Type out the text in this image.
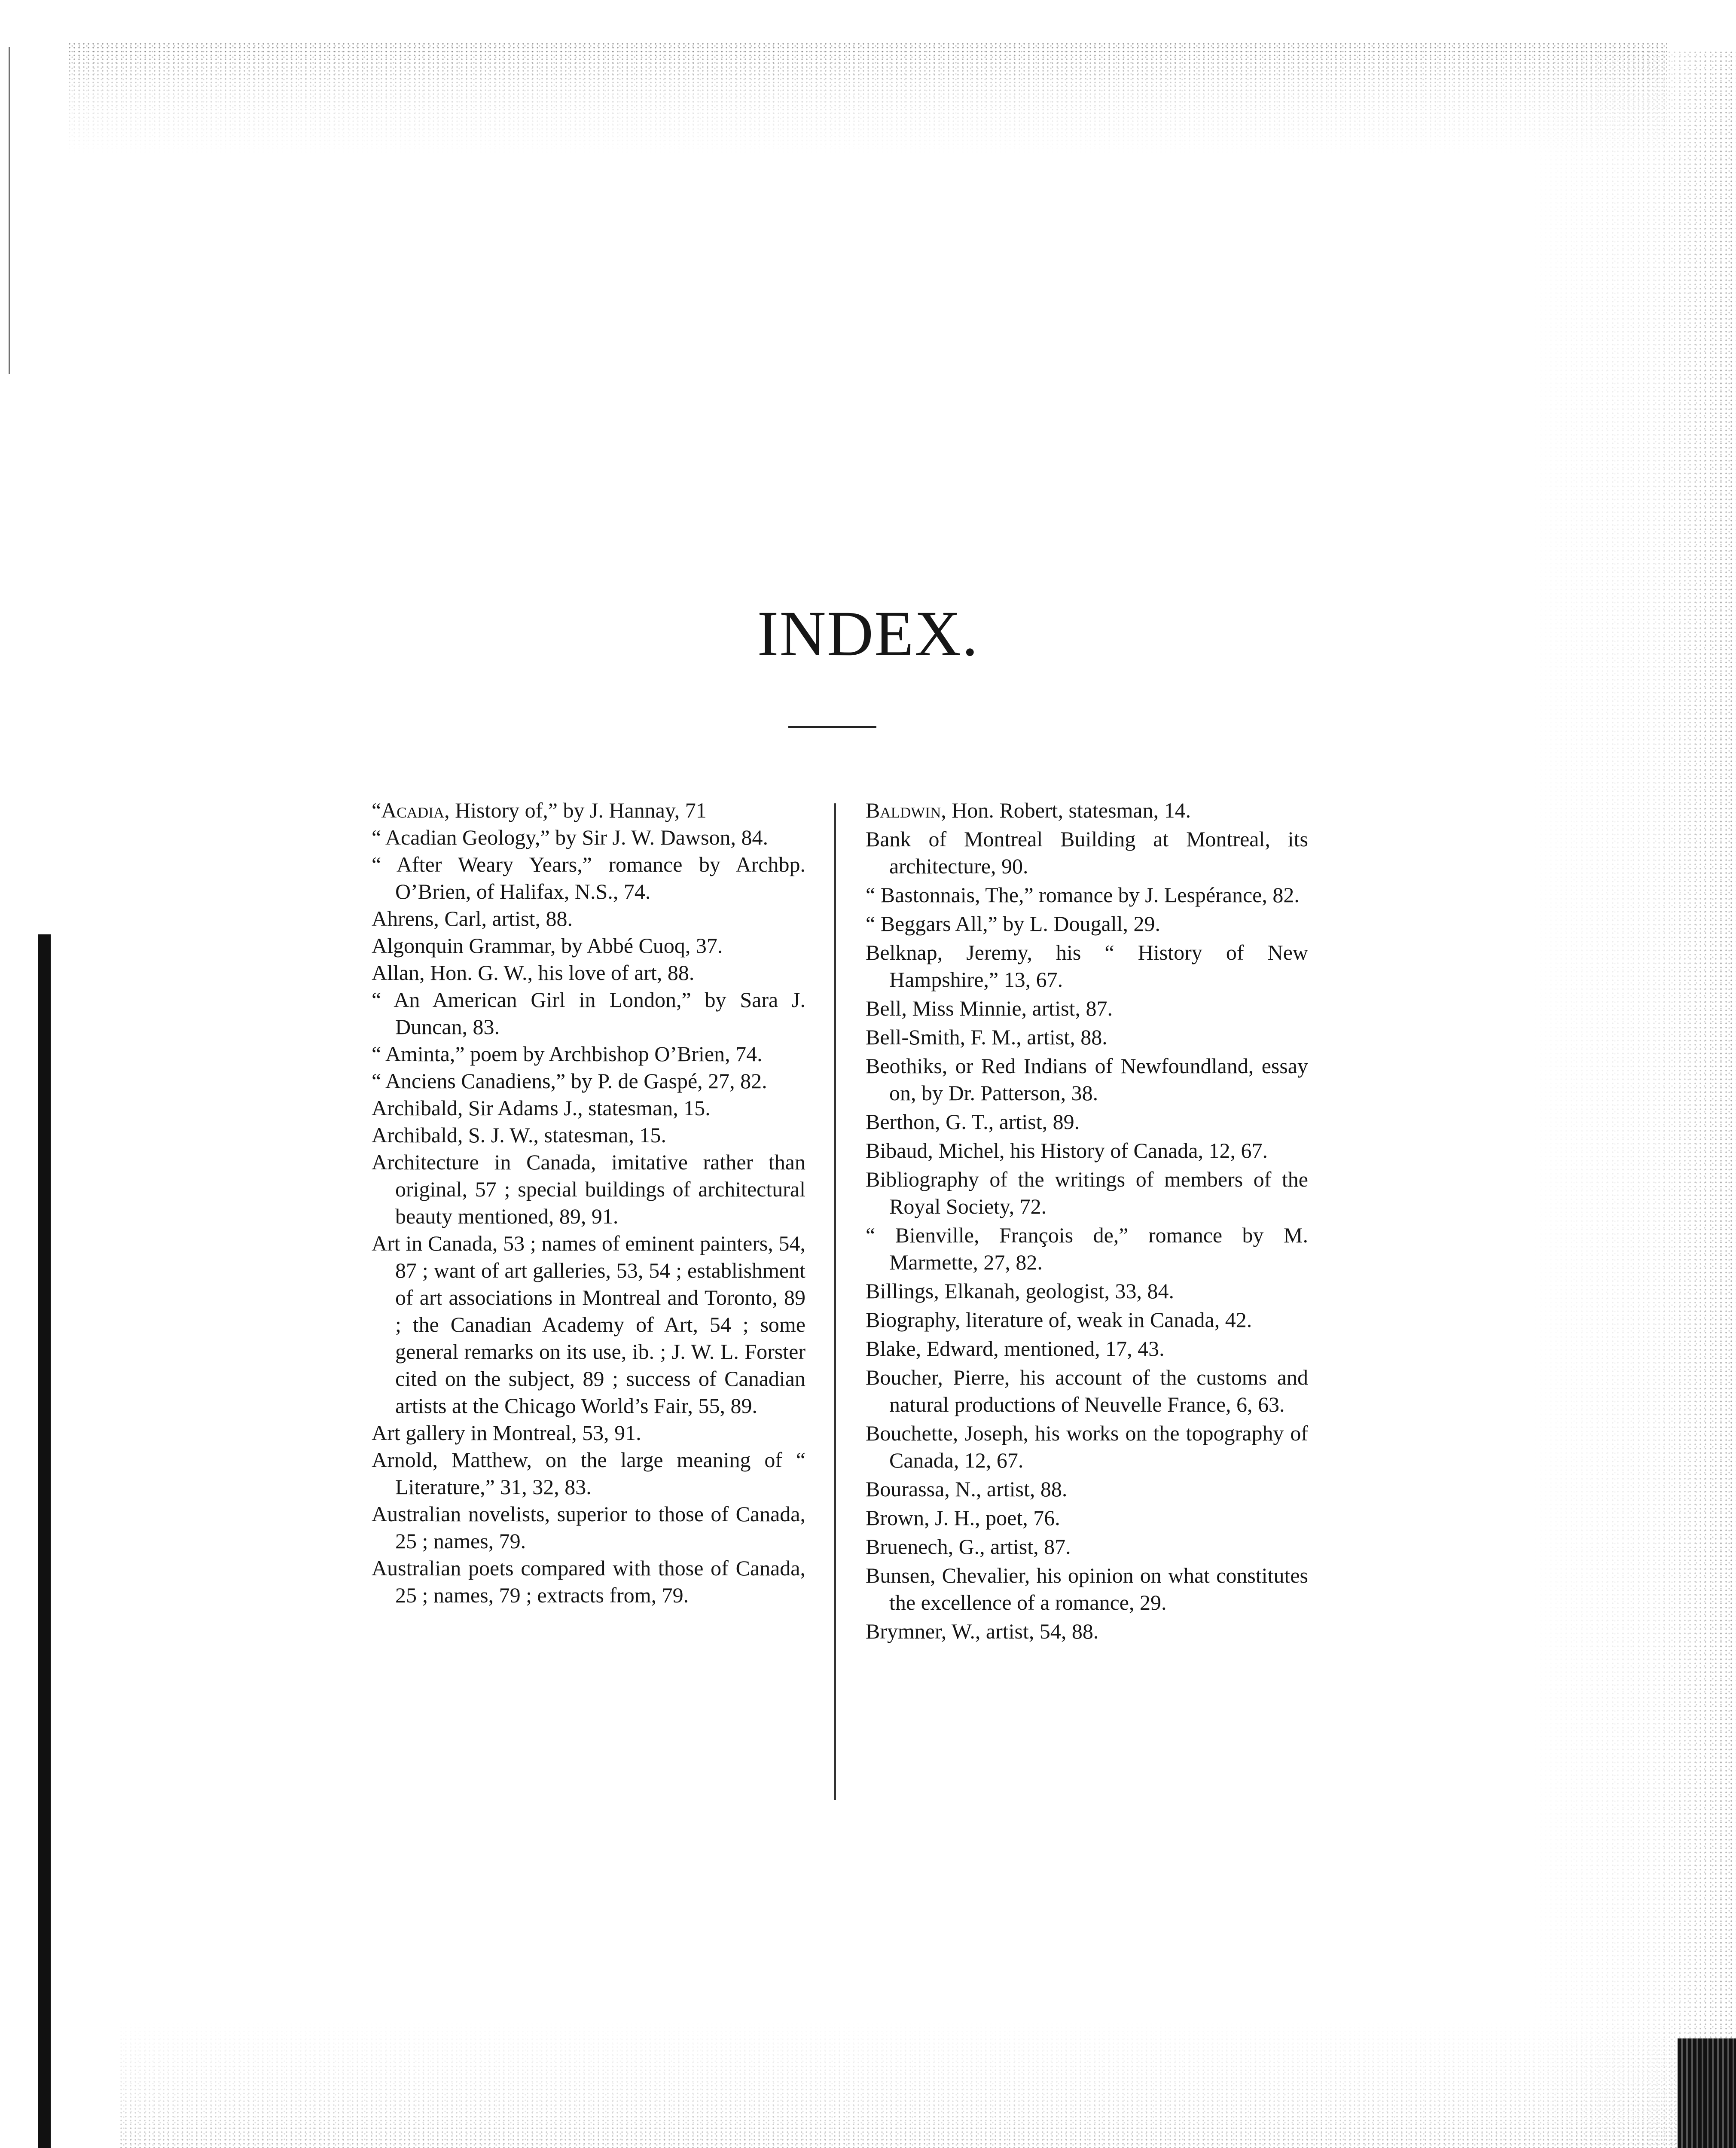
INDEX.

“Acadia, History of,” by J. Hannay, 71

“ Acadian Geology,” by Sir J. W. Dawson, 84.

“ After Weary Years,” romance by Archbp. O’Brien, of Halifax, N.S., 74.

Ahrens, Carl, artist, 88.

Algonquin Grammar, by Abbé Cuoq, 37.

Allan, Hon. G. W., his love of art, 88.

“ An American Girl in London,” by Sara J. Duncan, 83.

“ Aminta,” poem by Archbishop O’Brien, 74.

“ Anciens Canadiens,” by P. de Gaspé, 27, 82.

Archibald, Sir Adams J., statesman, 15.

Archibald, S. J. W., statesman, 15.

Architecture in Canada, imitative rather than original, 57 ; special buildings of architectural beauty mentioned, 89, 91.

Art in Canada, 53 ; names of eminent painters, 54, 87 ; want of art galleries, 53, 54 ; establishment of art associations in Montreal and Toronto, 89 ; the Canadian Academy of Art, 54 ; some general remarks on its use, ib. ; J. W. L. Forster cited on the subject, 89 ; success of Canadian artists at the Chicago World’s Fair, 55, 89.

Art gallery in Montreal, 53, 91.

Arnold, Matthew, on the large meaning of “ Literature,” 31, 32, 83.

Australian novelists, superior to those of Canada, 25 ; names, 79.

Australian poets compared with those of Canada, 25 ; names, 79 ; extracts from, 79.

Baldwin, Hon. Robert, statesman, 14.

Bank of Montreal Building at Montreal, its architecture, 90.

“ Bastonnais, The,” romance by J. Lespérance, 82.

“ Beggars All,” by L. Dougall, 29.

Belknap, Jeremy, his “ History of New Hampshire,” 13, 67.

Bell, Miss Minnie, artist, 87.

Bell-Smith, F. M., artist, 88.

Beothiks, or Red Indians of Newfoundland, essay on, by Dr. Patterson, 38.

Berthon, G. T., artist, 89.

Bibaud, Michel, his History of Canada, 12, 67.

Bibliography of the writings of members of the Royal Society, 72.

“ Bienville, François de,” romance by M. Marmette, 27, 82.

Billings, Elkanah, geologist, 33, 84.

Biography, literature of, weak in Canada, 42.

Blake, Edward, mentioned, 17, 43.

Boucher, Pierre, his account of the customs and natural productions of Neuvelle France, 6, 63.

Bouchette, Joseph, his works on the topography of Canada, 12, 67.

Bourassa, N., artist, 88.

Brown, J. H., poet, 76.

Bruenech, G., artist, 87.

Bunsen, Chevalier, his opinion on what constitutes the excellence of a romance, 29.

Brymner, W., artist, 54, 88.
